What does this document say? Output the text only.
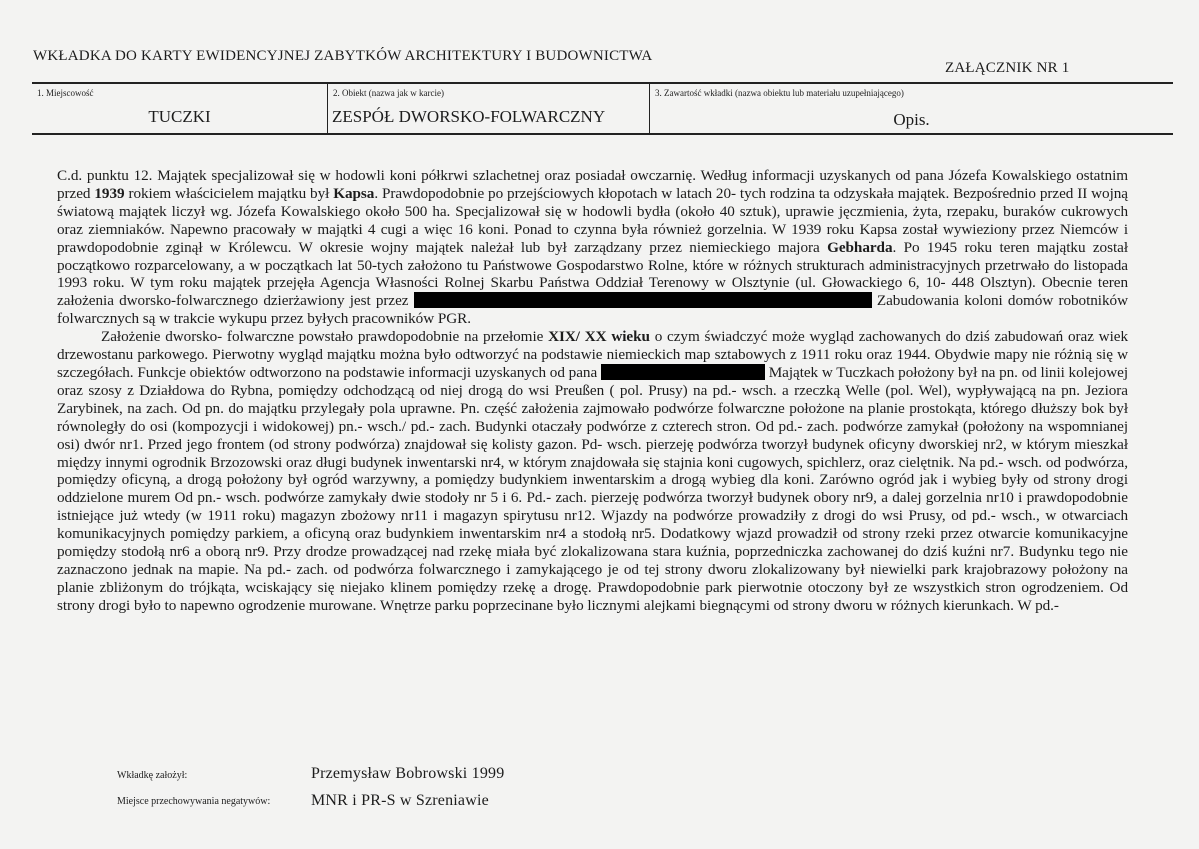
WKŁADKA DO KARTY EWIDENCYJNEJ ZABYTKÓW ARCHITEKTURY I BUDOWNICTWA
ZAŁĄCZNIK NR 1
1. Miejscowość
TUCZKI
2. Obiekt (nazwa jak w karcie)
ZESPÓŁ DWORSKO-FOLWARCZNY
3. Zawartość wkładki (nazwa obiektu lub materiału uzupełniającego)
Opis.

C.d. punktu 12. Majątek specjalizował się w hodowli koni półkrwi szlachetnej oraz posiadał owczarnię. Według informacji uzyskanych od pana Józefa Kowalskiego ostatnim przed 1939 rokiem właścicielem majątku był Kapsa. Prawdopodobnie po przejściowych kłopotach w latach 20- tych rodzina ta odzyskała majątek. Bezpośrednio przed II wojną światową majątek liczył wg. Józefa Kowalskiego około 500 ha. Specjalizował się w hodowli bydła (około 40 sztuk), uprawie jęczmienia, żyta, rzepaku, buraków cukrowych oraz ziemniaków. Napewno pracowały w majątki 4 cugi a więc 16 koni. Ponad to czynna była również gorzelnia. W 1939 roku Kapsa został wywieziony przez Niemców i prawdopodobnie zginął w Królewcu. W okresie wojny majątek należał lub był zarządzany przez niemieckiego majora Gebharda. Po 1945 roku teren majątku został początkowo rozparcelowany, a w początkach lat 50-tych założono tu Państwowe Gospodarstwo Rolne, które w różnych strukturach administracyjnych przetrwało do listopada 1993 roku. W tym roku majątek przejęła Agencja Własności Rolnej Skarbu Państwa Oddział Terenowy w Olsztynie (ul. Głowackiego 6, 10- 448 Olsztyn). Obecnie teren założenia dworsko-folwarcznego dzierżawiony jest przez	Zabudowania koloni domów robotników folwarcznych są w trakcie wykupu przez byłych pracowników PGR.

Założenie dworsko- folwarczne powstało prawdopodobnie na przełomie XIX/ XX wieku o czym świadczyć może wygląd zachowanych do dziś zabudowań oraz wiek drzewostanu parkowego. Pierwotny wygląd majątku można było odtworzyć na podstawie niemieckich map sztabowych z 1911 roku oraz 1944. Obydwie mapy nie różnią się w szczegółach. Funkcje obiektów odtworzono na podstawie informacji uzyskanych od pana	Majątek w Tuczkach położony był na pn. od linii kolejowej oraz szosy z Działdowa do Rybna, pomiędzy odchodzącą od niej drogą do wsi Preußen ( pol. Prusy) na pd.- wsch. a rzeczką Welle (pol. Wel), wypływającą na pn. Jeziora Zarybinek, na zach. Od pn. do majątku przylegały pola uprawne. Pn. część założenia zajmowało podwórze folwarczne położone na planie prostokąta, którego dłuższy bok był równoległy do osi (kompozycji i widokowej) pn.- wsch./ pd.- zach. Budynki otaczały podwórze z czterech stron. Od pd.- zach. podwórze zamykał (położony na wspomnianej osi) dwór nr1. Przed jego frontem (od strony podwórza) znajdował się kolisty gazon. Pd- wsch. pierzeję podwórza tworzył budynek oficyny dworskiej nr2, w którym mieszkał między innymi ogrodnik Brzozowski oraz długi budynek inwentarski nr4, w którym znajdowała się stajnia koni cugowych, spichlerz, oraz cielętnik. Na pd.- wsch. od podwórza, pomiędzy oficyną, a drogą położony był ogród warzywny, a pomiędzy budynkiem inwentarskim a drogą wybieg dla koni. Zarówno ogród jak i wybieg były od strony drogi oddzielone murem Od pn.- wsch. podwórze zamykały dwie stodoły nr 5 i 6. Pd.- zach. pierzeję podwórza tworzył budynek obory nr9, a dalej gorzelnia nr10 i prawdopodobnie istniejące już wtedy (w 1911 roku) magazyn zbożowy nr11 i magazyn spirytusu nr12. Wjazdy na podwórze prowadziły z drogi do wsi Prusy, od pd.- wsch., w otwarciach komunikacyjnych pomiędzy parkiem, a oficyną oraz budynkiem inwentarskim nr4 a stodołą nr5. Dodatkowy wjazd prowadził od strony rzeki przez otwarcie komunikacyjne pomiędzy stodołą nr6 a oborą nr9. Przy drodze prowadzącej nad rzekę miała być zlokalizowana stara kuźnia, poprzedniczka zachowanej do dziś kuźni nr7. Budynku tego nie zaznaczono jednak na mapie. Na pd.- zach. od podwórza folwarcznego i zamykającego je od tej strony dworu zlokalizowany był niewielki park krajobrazowy położony na planie zbliżonym do trójkąta, wciskający się niejako klinem pomiędzy rzekę a drogę. Prawdopodobnie park pierwotnie otoczony był ze wszystkich stron ogrodzeniem. Od strony drogi było to napewno ogrodzenie murowane. Wnętrze parku poprzecinane było licznymi alejkami biegnącymi od strony dworu w różnych kierunkach. W pd.-

Wkładkę założył:	Przemysław Bobrowski 1999
Miejsce przechowywania negatywów:	MNR i PR-S w Szreniawie
